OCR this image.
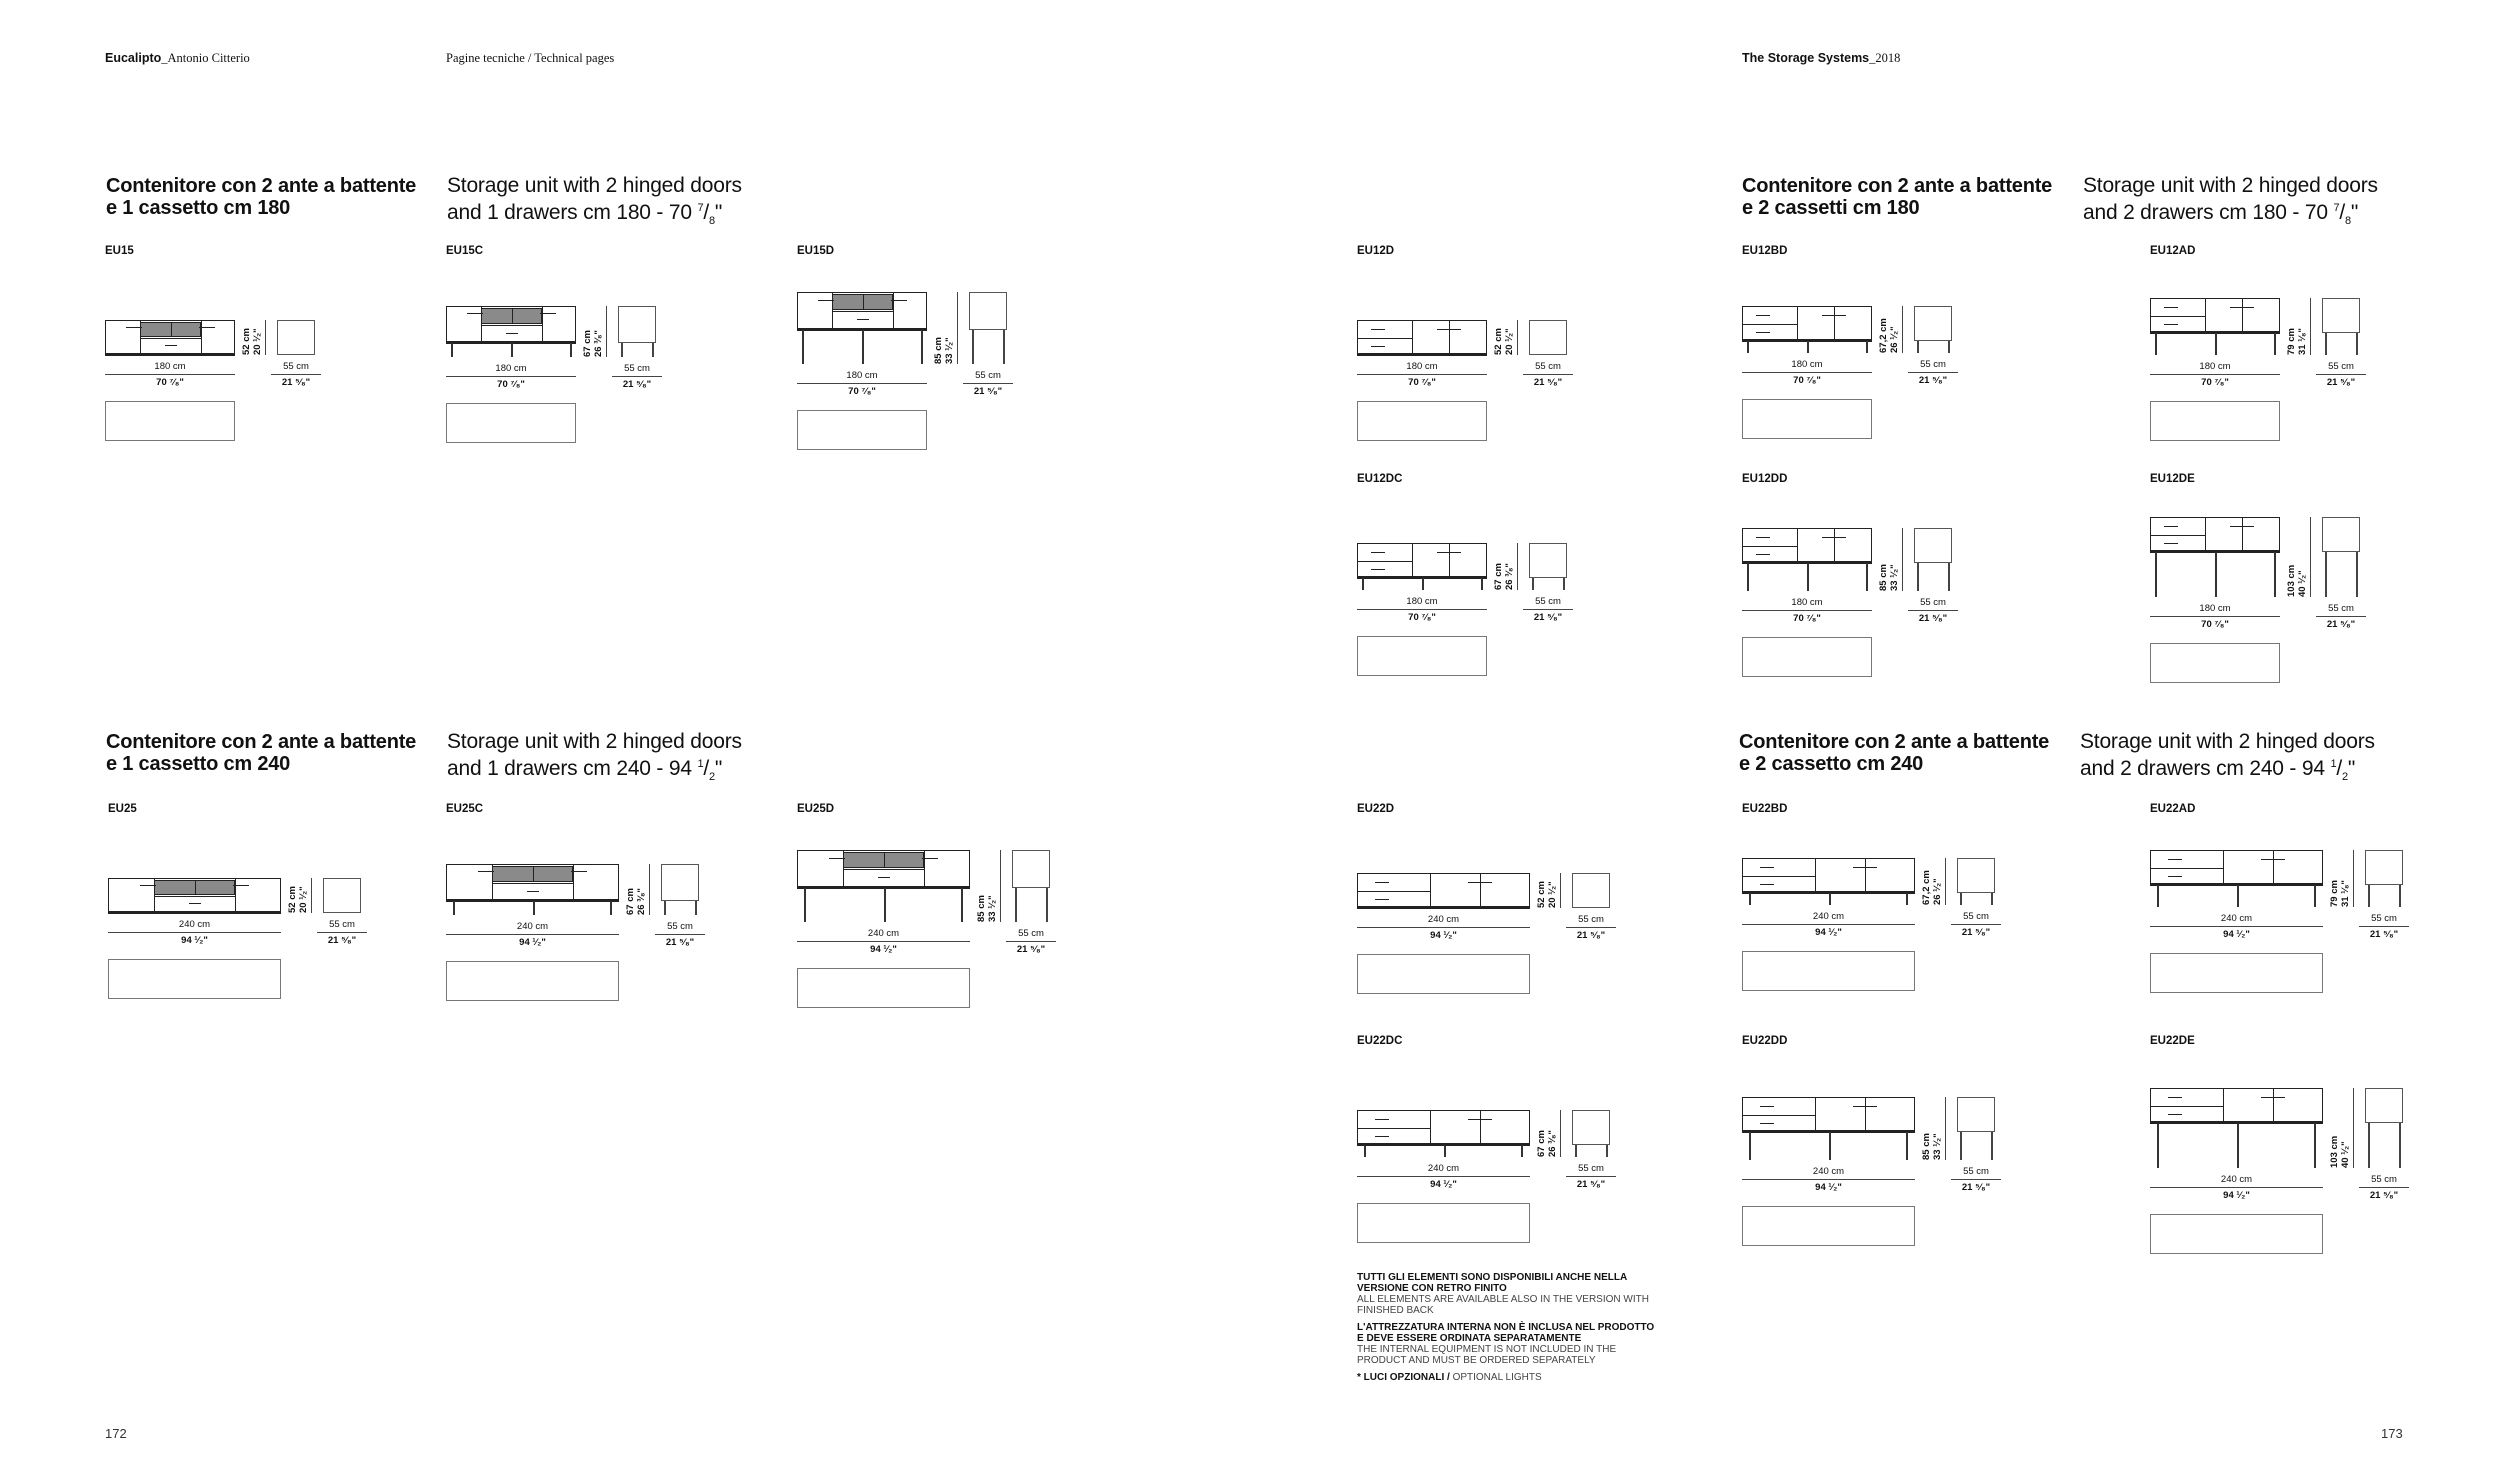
Eucalipto_Antonio Citterio	Pagine tecniche / Technical pages	The Storage Systems_2018
Contenitore con 2 ante a battente
e 1 cassetto cm 180
Storage unit with 2 hinged doors
and 1 drawers cm 180 - 70 $^7/_8$"
Contenitore con 2 ante a battente
e 1 cassetto cm 240
Storage unit with 2 hinged doors
and 1 drawers cm 240 - 94 $^1/_2$"
Contenitore con 2 ante a battente
e 2 cassetti cm 180
Storage unit with 2 hinged doors
and 2 drawers cm 180 - 70 $^7/_8$"
Contenitore con 2 ante a battente
e 2 cassetto cm 240
Storage unit with 2 hinged doors
and 2 drawers cm 240 - 94 $^1/_2$"
EU15
52 cm 20 ¹⁄₂"
180 cm
70 ⁷⁄₈"
55 cm
21 ⁵⁄₈"
EU15C
67 cm 26 ³⁄₈"
180 cm
70 ⁷⁄₈"
55 cm
21 ⁵⁄₈"
EU15D
85 cm 33 ¹⁄₂"
180 cm
70 ⁷⁄₈"
55 cm
21 ⁵⁄₈"
EU25
52 cm 20 ¹⁄₂"
240 cm
94 ¹⁄₂"
55 cm
21 ⁵⁄₈"
EU25C
67 cm 26 ³⁄₈"
240 cm
94 ¹⁄₂"
55 cm
21 ⁵⁄₈"
EU25D
85 cm 33 ¹⁄₂"
240 cm
94 ¹⁄₂"
55 cm
21 ⁵⁄₈"
EU12D
52 cm 20 ¹⁄₂"
180 cm
70 ⁷⁄₈"
55 cm
21 ⁵⁄₈"
EU12BD
67,2 cm 26 ¹⁄₂"
180 cm
70 ⁷⁄₈"
55 cm
21 ⁵⁄₈"
EU12AD
79 cm 31 ¹⁄₈"
180 cm
70 ⁷⁄₈"
55 cm
21 ⁵⁄₈"
EU12DC
67 cm 26 ³⁄₈"
180 cm
70 ⁷⁄₈"
55 cm
21 ⁵⁄₈"
EU12DD
85 cm 33 ¹⁄₂"
180 cm
70 ⁷⁄₈"
55 cm
21 ⁵⁄₈"
EU12DE
103 cm 40 ¹⁄₂"
180 cm
70 ⁷⁄₈"
55 cm
21 ⁵⁄₈"
EU22D
52 cm 20 ¹⁄₂"
240 cm
94 ¹⁄₂"
55 cm
21 ⁵⁄₈"
EU22BD
67,2 cm 26 ¹⁄₂"
240 cm
94 ¹⁄₂"
55 cm
21 ⁵⁄₈"
EU22AD
79 cm 31 ¹⁄₈"
240 cm
94 ¹⁄₂"
55 cm
21 ⁵⁄₈"
EU22DC
67 cm 26 ³⁄₈"
240 cm
94 ¹⁄₂"
55 cm
21 ⁵⁄₈"
EU22DD
85 cm 33 ¹⁄₂"
240 cm
94 ¹⁄₂"
55 cm
21 ⁵⁄₈"
EU22DE
103 cm 40 ¹⁄₂"
240 cm
94 ¹⁄₂"
55 cm
21 ⁵⁄₈"
TUTTI GLI ELEMENTI SONO DISPONIBILI ANCHE NELLA VERSIONE CON RETRO FINITO
ALL ELEMENTS ARE AVAILABLE ALSO IN THE VERSION WITH FINISHED BACK
L'ATTREZZATURA INTERNA NON È INCLUSA NEL PRODOTTO E DEVE ESSERE ORDINATA SEPARATAMENTE
THE INTERNAL EQUIPMENT IS NOT INCLUDED IN THE PRODUCT AND MUST BE ORDERED SEPARATELY
* LUCI OPZIONALI / OPTIONAL LIGHTS
172	173
